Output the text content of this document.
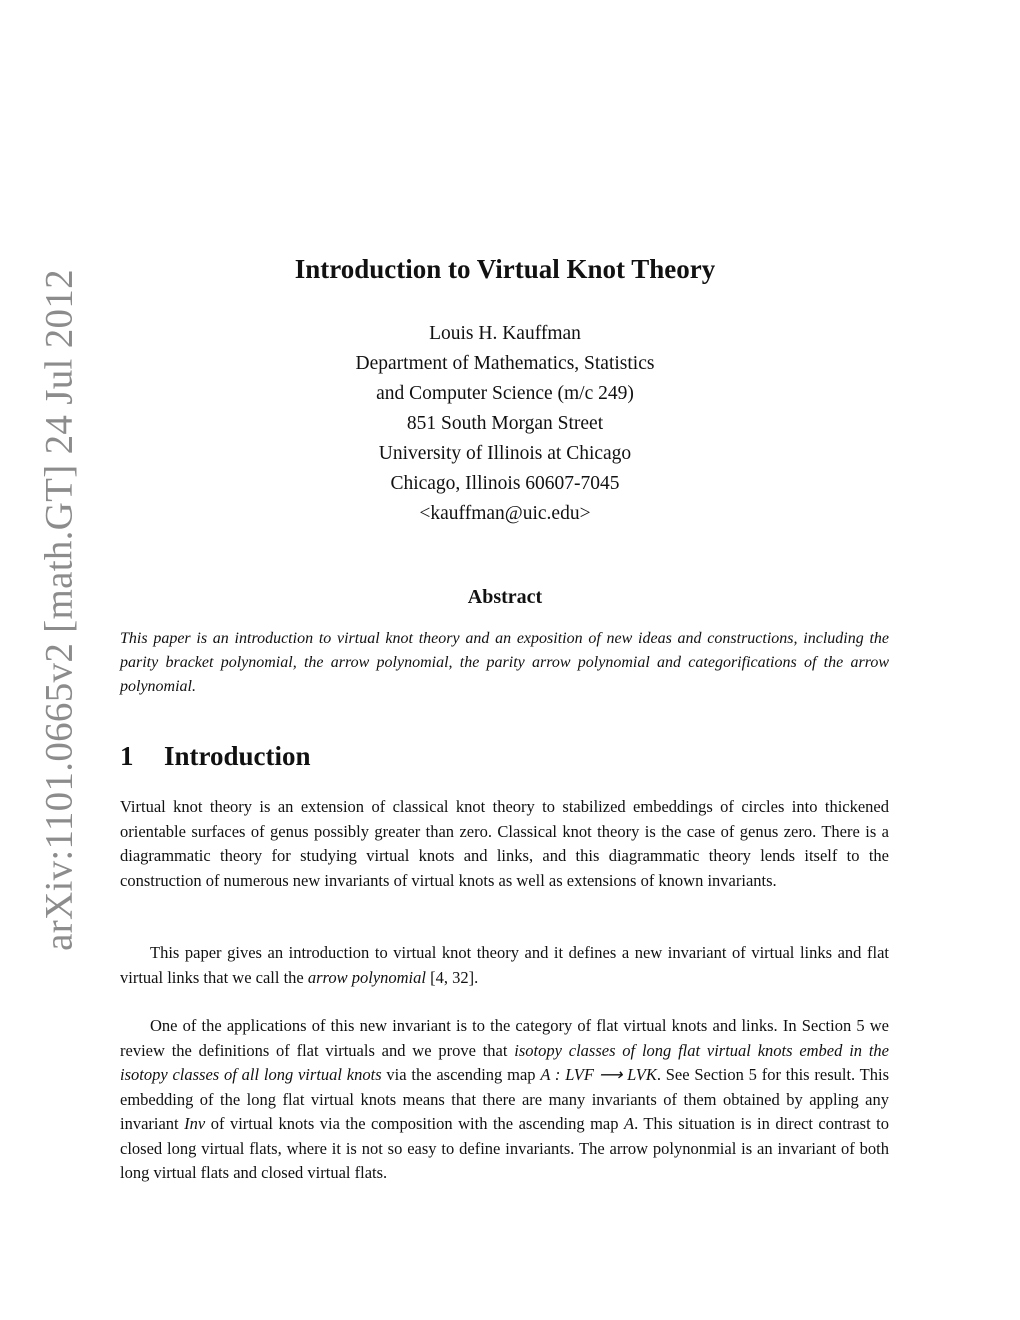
arXiv:1101.0665v2 [math.GT] 24 Jul 2012
Introduction to Virtual Knot Theory
Louis H. Kauffman
Department of Mathematics, Statistics
and Computer Science (m/c 249)
851 South Morgan Street
University of Illinois at Chicago
Chicago, Illinois 60607-7045
<kauffman@uic.edu>
Abstract
This paper is an introduction to virtual knot theory and an exposition of new ideas and constructions, including the parity bracket polynomial, the arrow polynomial, the parity arrow polynomial and categorifications of the arrow polynomial.
1 Introduction

Virtual knot theory is an extension of classical knot theory to stabilized embeddings of circles into thickened orientable surfaces of genus possibly greater than zero. Classical knot theory is the case of genus zero. There is a diagrammatic theory for studying virtual knots and links, and this diagrammatic theory lends itself to the construction of numerous new invariants of virtual knots as well as extensions of known invariants.

This paper gives an introduction to virtual knot theory and it defines a new invariant of virtual links and flat virtual links that we call the arrow polynomial [4, 32].

One of the applications of this new invariant is to the category of flat virtual knots and links. In Section 5 we review the definitions of flat virtuals and we prove that isotopy classes of long flat virtual knots embed in the isotopy classes of all long virtual knots via the ascending map A : LVF ⟶ LVK. See Section 5 for this result. This embedding of the long flat virtual knots means that there are many invariants of them obtained by appling any invariant Inv of virtual knots via the composition with the ascending map A. This situation is in direct contrast to closed long virtual flats, where it is not so easy to define invariants. The arrow polynonmial is an invariant of both long virtual flats and closed virtual flats.
